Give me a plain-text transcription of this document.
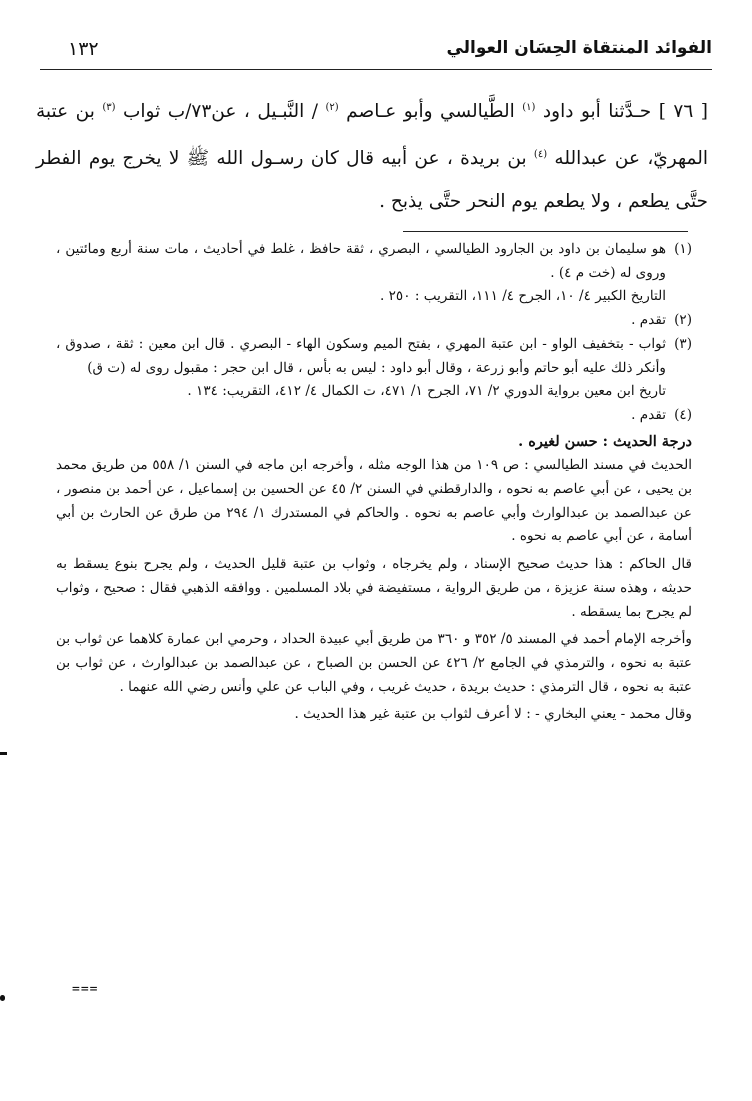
الفوائد المنتقاة الحِسَان العوالي
١٣٢
[ ٧٦ ] حـدَّثنا أبو داود $^{(١)}$ الطَّيالسي وأبو عـاصم $^{(٢)}$ / النَّبـيل ، عن٧٣/ب ثواب $^{(٣)}$ بن عتبة المهريّ، عن عبدالله $^{(٤)}$ بن بريدة ، عن أبيه قال كان رسـول الله ﷺ لا يخرج يوم الفطر حتَّى يطعم ، ولا يطعم يوم النحر حتَّى يذبح .
(١)

هو سليمان بن داود بن الجارود الطيالسي ، البصري ، ثقة حافظ ، غلط في أحاديث ، مات سنة أربع ومائتين ، وروى له (خت م ٤) .

التاريخ الكبير ٤/ ١٠، الجرح ٤/ ١١١، التقريب : ٢٥٠ .

(٢)

تقدم .

(٣)

ثواب - بتخفيف الواو - ابن عتبة المهري ، بفتح الميم وسكون الهاء - البصري . قال ابن معين : ثقة ، صدوق ، وأنكر ذلك عليه أبو حاتم وأبو زرعة ، وقال أبو داود : ليس به بأس ، قال ابن حجر : مقبول روى له (ت ق)

تاريخ ابن معين برواية الدوري ٢/ ٧١، الجرح ١/ ٤٧١، ت الكمال ٤/ ٤١٢، التقريب: ١٣٤ .

(٤)

تقدم .

درجة الحديث : حسن لغيره .

الحديث في مسند الطيالسي : ص ١٠٩ من هذا الوجه مثله ، وأخرجه ابن ماجه في السنن ١/ ٥٥٨ من طريق محمد بن يحيى ، عن أبي عاصم به نحوه ، والدارقطني في السنن ٢/ ٤٥ عن الحسين بن إسماعيل ، عن أحمد بن منصور ، عن عبدالصمد بن عبدالوارث وأبي عاصم به نحوه . والحاكم في المستدرك ١/ ٢٩٤ من طرق عن الحارث بن أبي أسامة ، عن أبي عاصم به نحوه .

قال الحاكم : هذا حديث صحيح الإسناد ، ولم يخرجاه ، وثواب بن عتبة قليل الحديث ، ولم يجرح بنوع يسقط به حديثه ، وهذه سنة عزيزة ، من طريق الرواية ، مستفيضة في بلاد المسلمين . ووافقه الذهبي فقال : صحيح ، وثواب لم يجرح بما يسقطه .

وأخرجه الإمام أحمد في المسند ٥/ ٣٥٢ و ٣٦٠ من طريق أبي عبيدة الحداد ، وحرمي ابن عمارة كلاهما عن ثواب بن عتبة به نحوه ، والترمذي في الجامع ٢/ ٤٢٦ عن الحسن بن الصباح ، عن عبدالصمد بن عبدالوارث ، عن ثواب بن عتبة به نحوه ، قال الترمذي : حديث بريدة ، حديث غريب ، وفي الباب عن علي وأنس رضي الله عنهما .

وقال محمد - يعني البخاري - : لا أعرف لثواب بن عتبة غير هذا الحديث .

===
